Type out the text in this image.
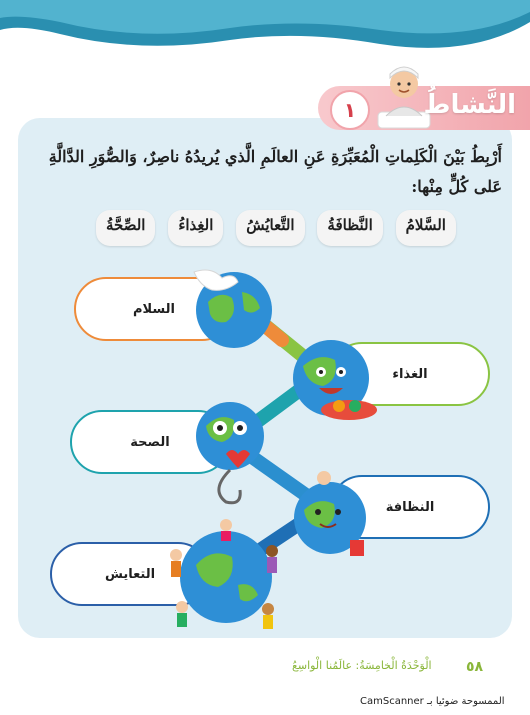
١	النَّشاطُ
أَرْبِطُ بَيْنَ الْكَلِماتِ الْمُعَبِّرَةِ عَنِ العالَمِ الَّذي يُريدُهُ ناصِرٌ، وَالصُّوَرِ الدَّالَّةِ عَلى كُلٍّ مِنْها:
السَّلامُ
النَّظافَةُ
التَّعايُشُ
الغِذاءُ
الصِّحَّةُ
السلام
الغذاء
الصحة
النظافة
التعايش
٥٨
الْوَحْدَةُ الْخامِسَةُ: عالَمُنا الْواسِعُ
الممسوحة ضوئيا بـ CamScanner
